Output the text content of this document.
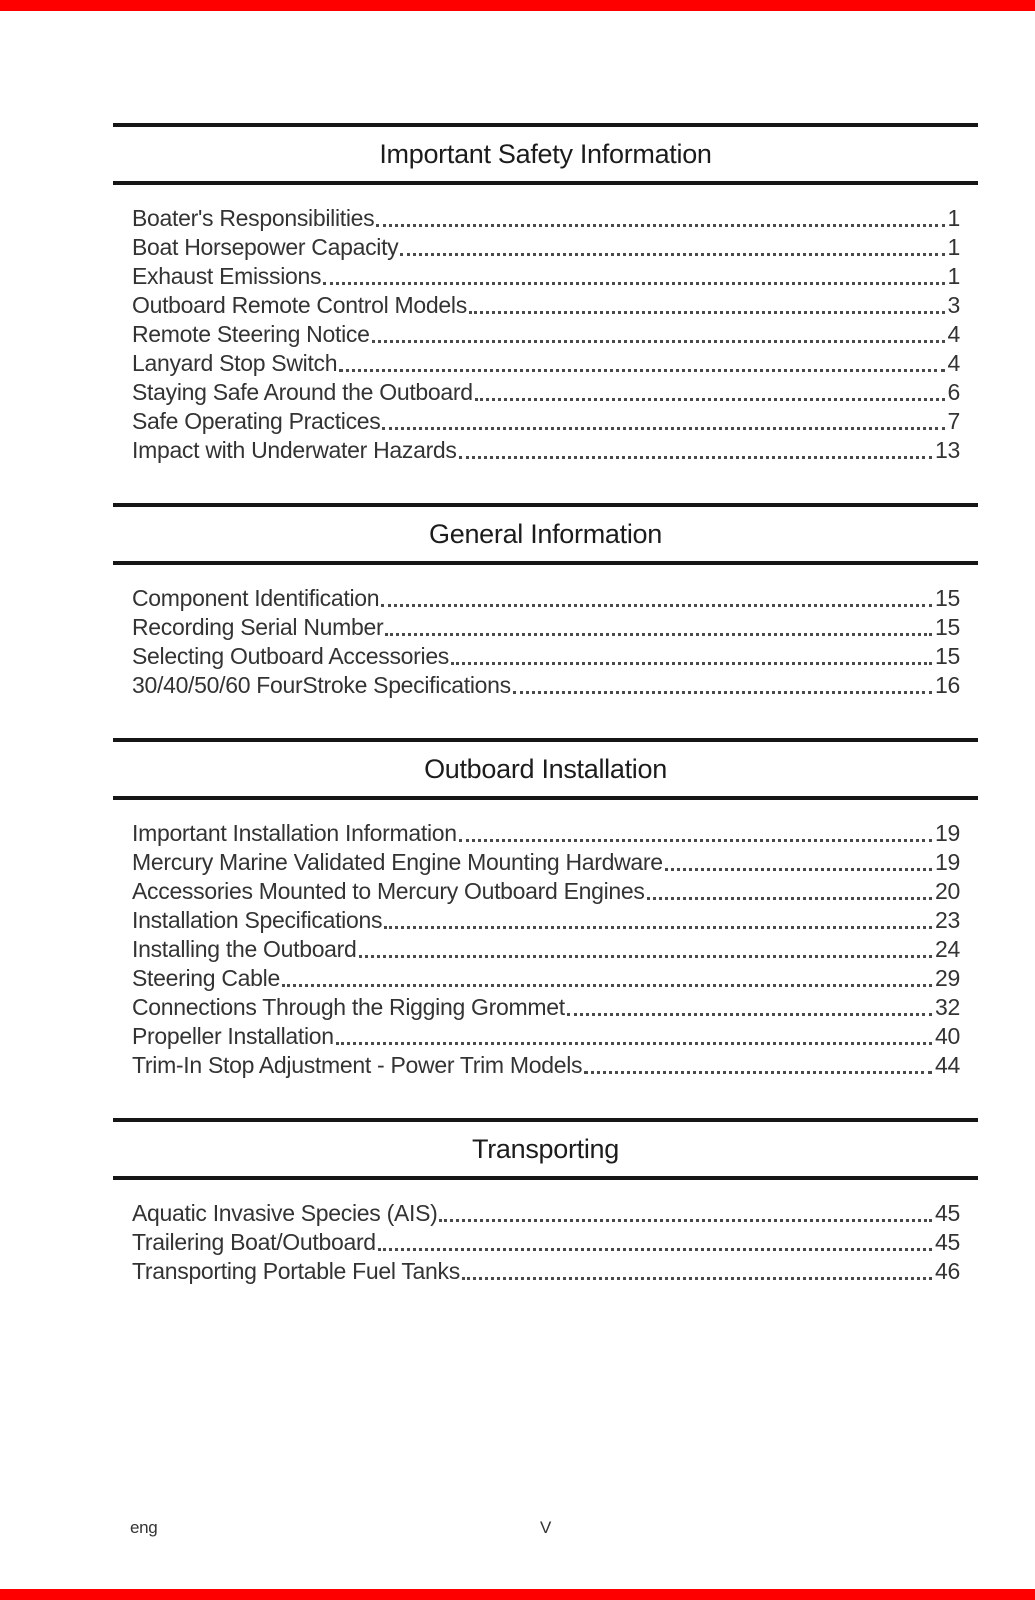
Important Safety Information
Boater's Responsibilities	1
Boat Horsepower Capacity	1
Exhaust Emissions	1
Outboard Remote Control Models	3
Remote Steering Notice	4
Lanyard Stop Switch	4
Staying Safe Around the Outboard	6
Safe Operating Practices	7
Impact with Underwater Hazards	13
General Information
Component Identification	15
Recording Serial Number	15
Selecting Outboard Accessories	15
30/40/50/60 FourStroke Specifications	16
Outboard Installation
Important Installation Information	19
Mercury Marine Validated Engine Mounting Hardware	19
Accessories Mounted to Mercury Outboard Engines	20
Installation Specifications	23
Installing the Outboard	24
Steering Cable	29
Connections Through the Rigging Grommet	32
Propeller Installation	40
Trim-In Stop Adjustment - Power Trim Models	44
Transporting
Aquatic Invasive Species (AIS)	45
Trailering Boat/Outboard	45
Transporting Portable Fuel Tanks	46
eng	V
